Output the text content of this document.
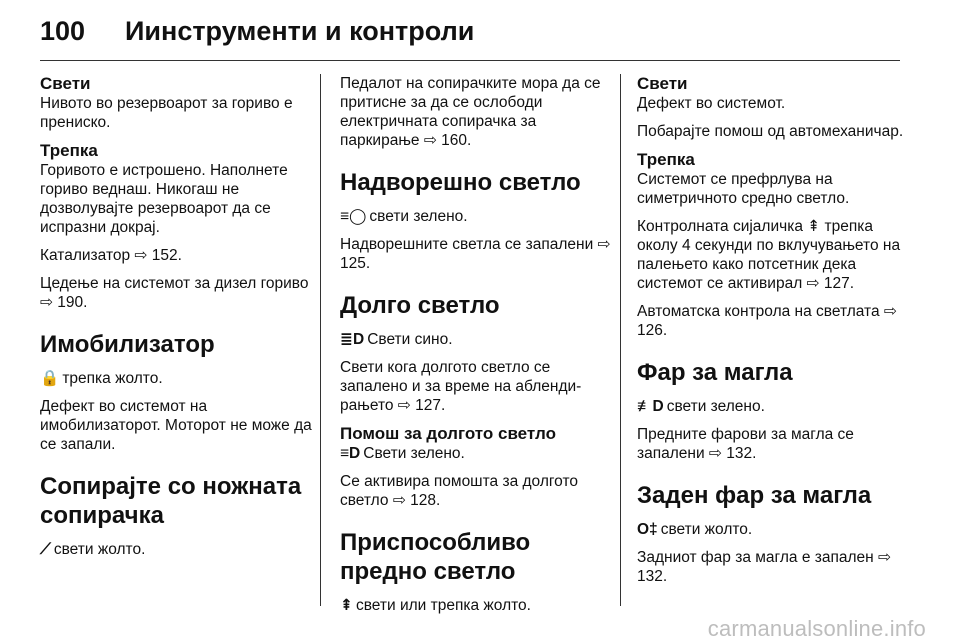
100 Иинструменти и контроли
Свети

Нивото во резервоарот за гориво е прениско.

Трепка

Горивото е истрошено. Наполнете гориво веднаш. Никогаш не дозволувајте резервоарот да се испразни докрај.

Катализатор ⇨ 152.

Цедење на системот за дизел гориво ⇨ 190.

Имобилизатор

🔒 трепка жолто.

Дефект во системот на имобилизаторот. Моторот не може да се запали.

Сопирајте со ножната сопирачка

⟋ свети жолто.

Педалот на сопирачките мора да се притисне за да се ослободи електричната сопирачка за паркирање ⇨ 160.

Надворешно светло

≡◯ свети зелено.

Надворешните светла се запалени ⇨ 125.

Долго светло

≣D Свети сино.

Свети кога долгото светло се запалено и за време на аблендирањето ⇨ 127.

Помош за долгото светло

≡D Свети зелено.

Се активира помошта за долгото светло ⇨ 128.

Приспособливо предно светло

⇞ свети или трепка жолто.

Свети

Дефект во системот.

Побарајте помош од автомеханичар.

Трепка

Системот се префрлува на симетричното средно светло.

Контролната сијаличка ⇞ трепка околу 4 секунди по вклучувањето на палењето како потсетник дека системот се активирал ⇨ 127.

Автоматска контрола на светлата ⇨ 126.

Фар за магла

≢D свети зелено.

Предните фарови за магла се запалени ⇨ 132.

Заден фар за магла

O‡ свети жолто.

Задниот фар за магла е запален ⇨ 132.

carmanualsonline.info
